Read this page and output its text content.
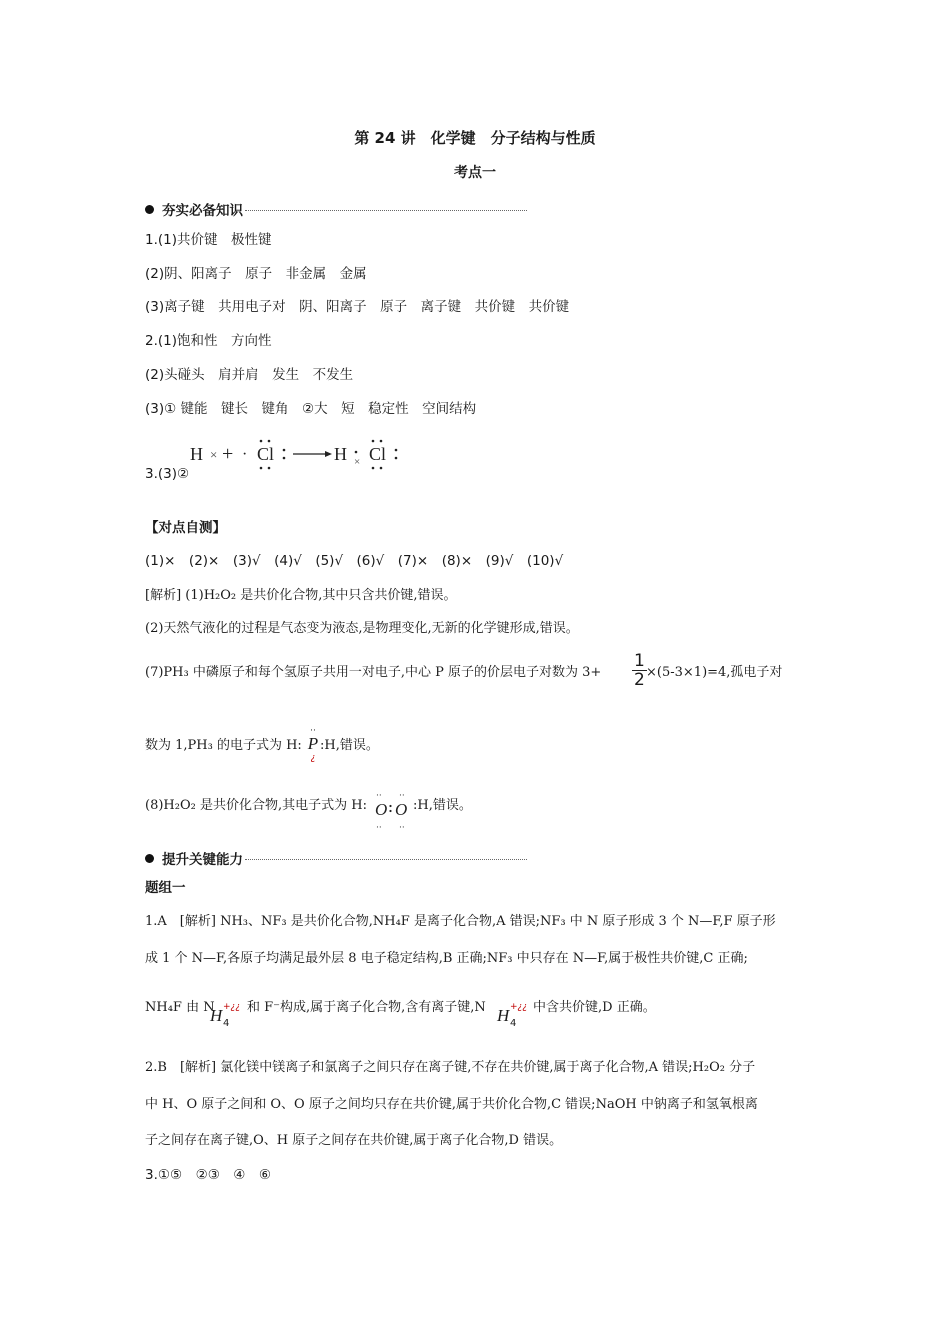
第 24 讲　化学键　分子结构与性质
考点一
夯实必备知识
1.(1)共价键　极性键
(2)阴、阳离子　原子　非金属　金属
(3)离子键　共用电子对　阴、阳离子　原子　离子键　共价键　共价键
2.(1)饱和性　方向性
(2)头碰头　肩并肩　发生　不发生
(3)① 键能　键长　键角　②大　短　稳定性　空间结构
H × + · Cl	H × Cl
3.(3)②
【对点自测】
(1)×　(2)×　(3)√　(4)√　(5)√　(6)√　(7)×　(8)×　(9)√　(10)√
[解析] (1)H₂O₂ 是共价化合物,其中只含共价键,错误。
(2)天然气液化的过程是气态变为液态,是物理变化,无新的化学键形成,错误。
(7)PH₃ 中磷原子和每个氢原子共用一对电子,中心 P 原子的价层电子对数为 $3+ \frac{1}{2} \times(5-3\times 1)=4$,孤电子对
数为 1,PH₃ 的电子式为 H:
··
P
¿
:H,错误。
(8)H₂O₂ 是共价化合物,其电子式为 H:
··
O
··
··
O
··
:H,错误。
提升关键能力
题组一
1.A　[解析] NH₃、NF₃ 是共价化合物,NH₄F 是离子化合物,A 错误;NF₃ 中 N 原子形成 3 个 N—F,F 原子形
成 1 个 N—F,各原子均满足最外层 8 电子稳定结构,B 正确;NF₃ 中只存在 N—F,属于极性共价键,C 正确;
NH₄F 由 N
H 4
+¿¿ 和 F⁻构成,属于离子化合物,含有离子键,N H 4
+¿¿ 中含共价键,D 正确。
2.B　[解析] 氯化镁中镁离子和氯离子之间只存在离子键,不存在共价键,属于离子化合物,A 错误;H₂O₂ 分子
中 H、O 原子之间和 O、O 原子之间均只存在共价键,属于共价化合物,C 错误;NaOH 中钠离子和氢氧根离
子之间存在离子键,O、H 原子之间存在共价键,属于离子化合物,D 错误。
3.①⑤　②③　④　⑥
